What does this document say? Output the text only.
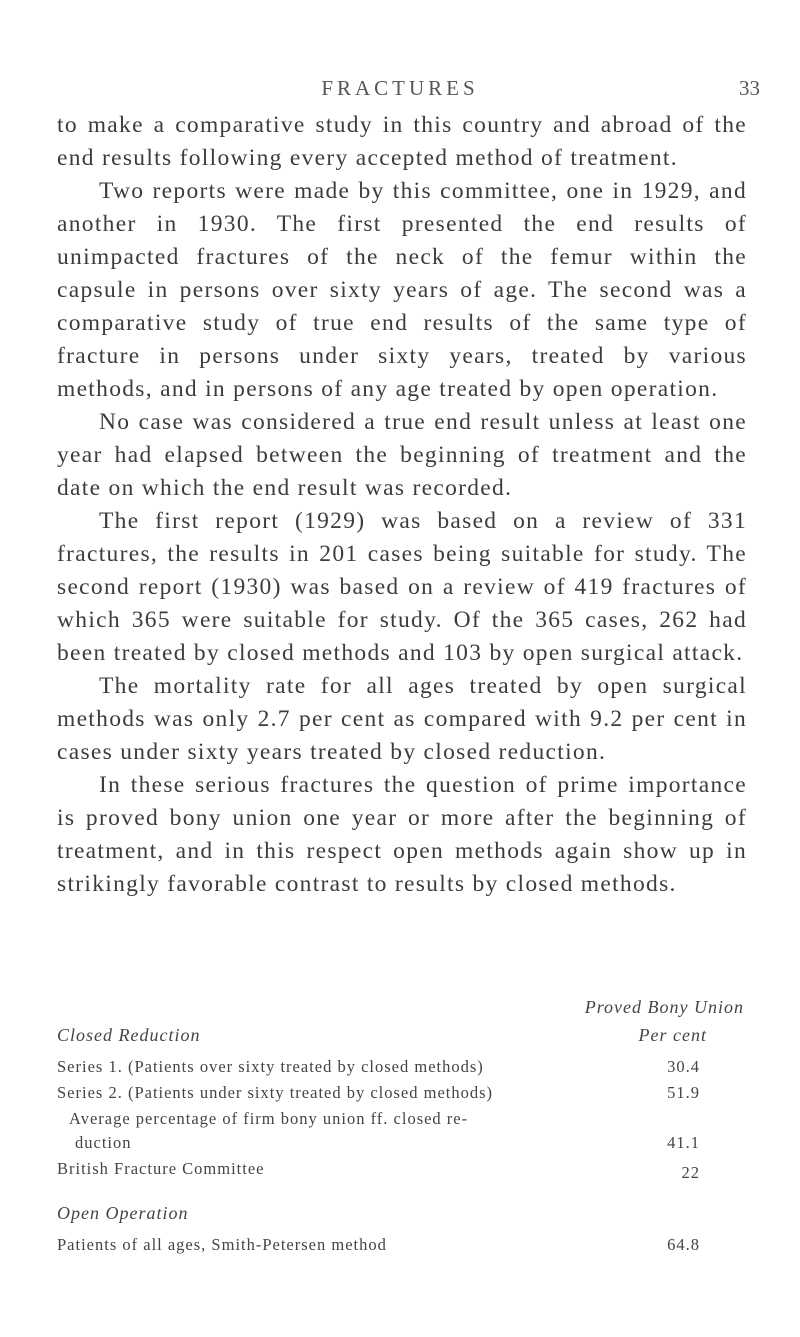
FRACTURES	33

to make a comparative study in this country and abroad of the end results following every accepted method of treatment.

Two reports were made by this committee, one in 1929, and another in 1930. The first presented the end results of unimpacted fractures of the neck of the femur within the capsule in persons over sixty years of age. The second was a comparative study of true end results of the same type of fracture in persons under sixty years, treated by various methods, and in persons of any age treated by open operation.

No case was considered a true end result unless at least one year had elapsed between the beginning of treatment and the date on which the end result was recorded.

The first report (1929) was based on a review of 331 fractures, the results in 201 cases being suitable for study. The second report (1930) was based on a review of 419 fractures of which 365 were suitable for study. Of the 365 cases, 262 had been treated by closed methods and 103 by open surgical attack.

The mortality rate for all ages treated by open surgical methods was only 2.7 per cent as compared with 9.2 per cent in cases under sixty years treated by closed reduction.

In these serious fractures the question of prime importance is proved bony union one year or more after the beginning of treatment, and in this respect open methods again show up in strikingly favorable contrast to results by closed methods.

Proved Bony Union
Closed Reduction	Per cent
Series 1. (Patients over sixty treated by closed methods)	30.4
Series 2. (Patients under sixty treated by closed methods)	51.9
Average percentage of firm bony union ff. closed re-
duction	41.1
British Fracture Committee	22
Open Operation
Patients of all ages, Smith-Petersen method	64.8
